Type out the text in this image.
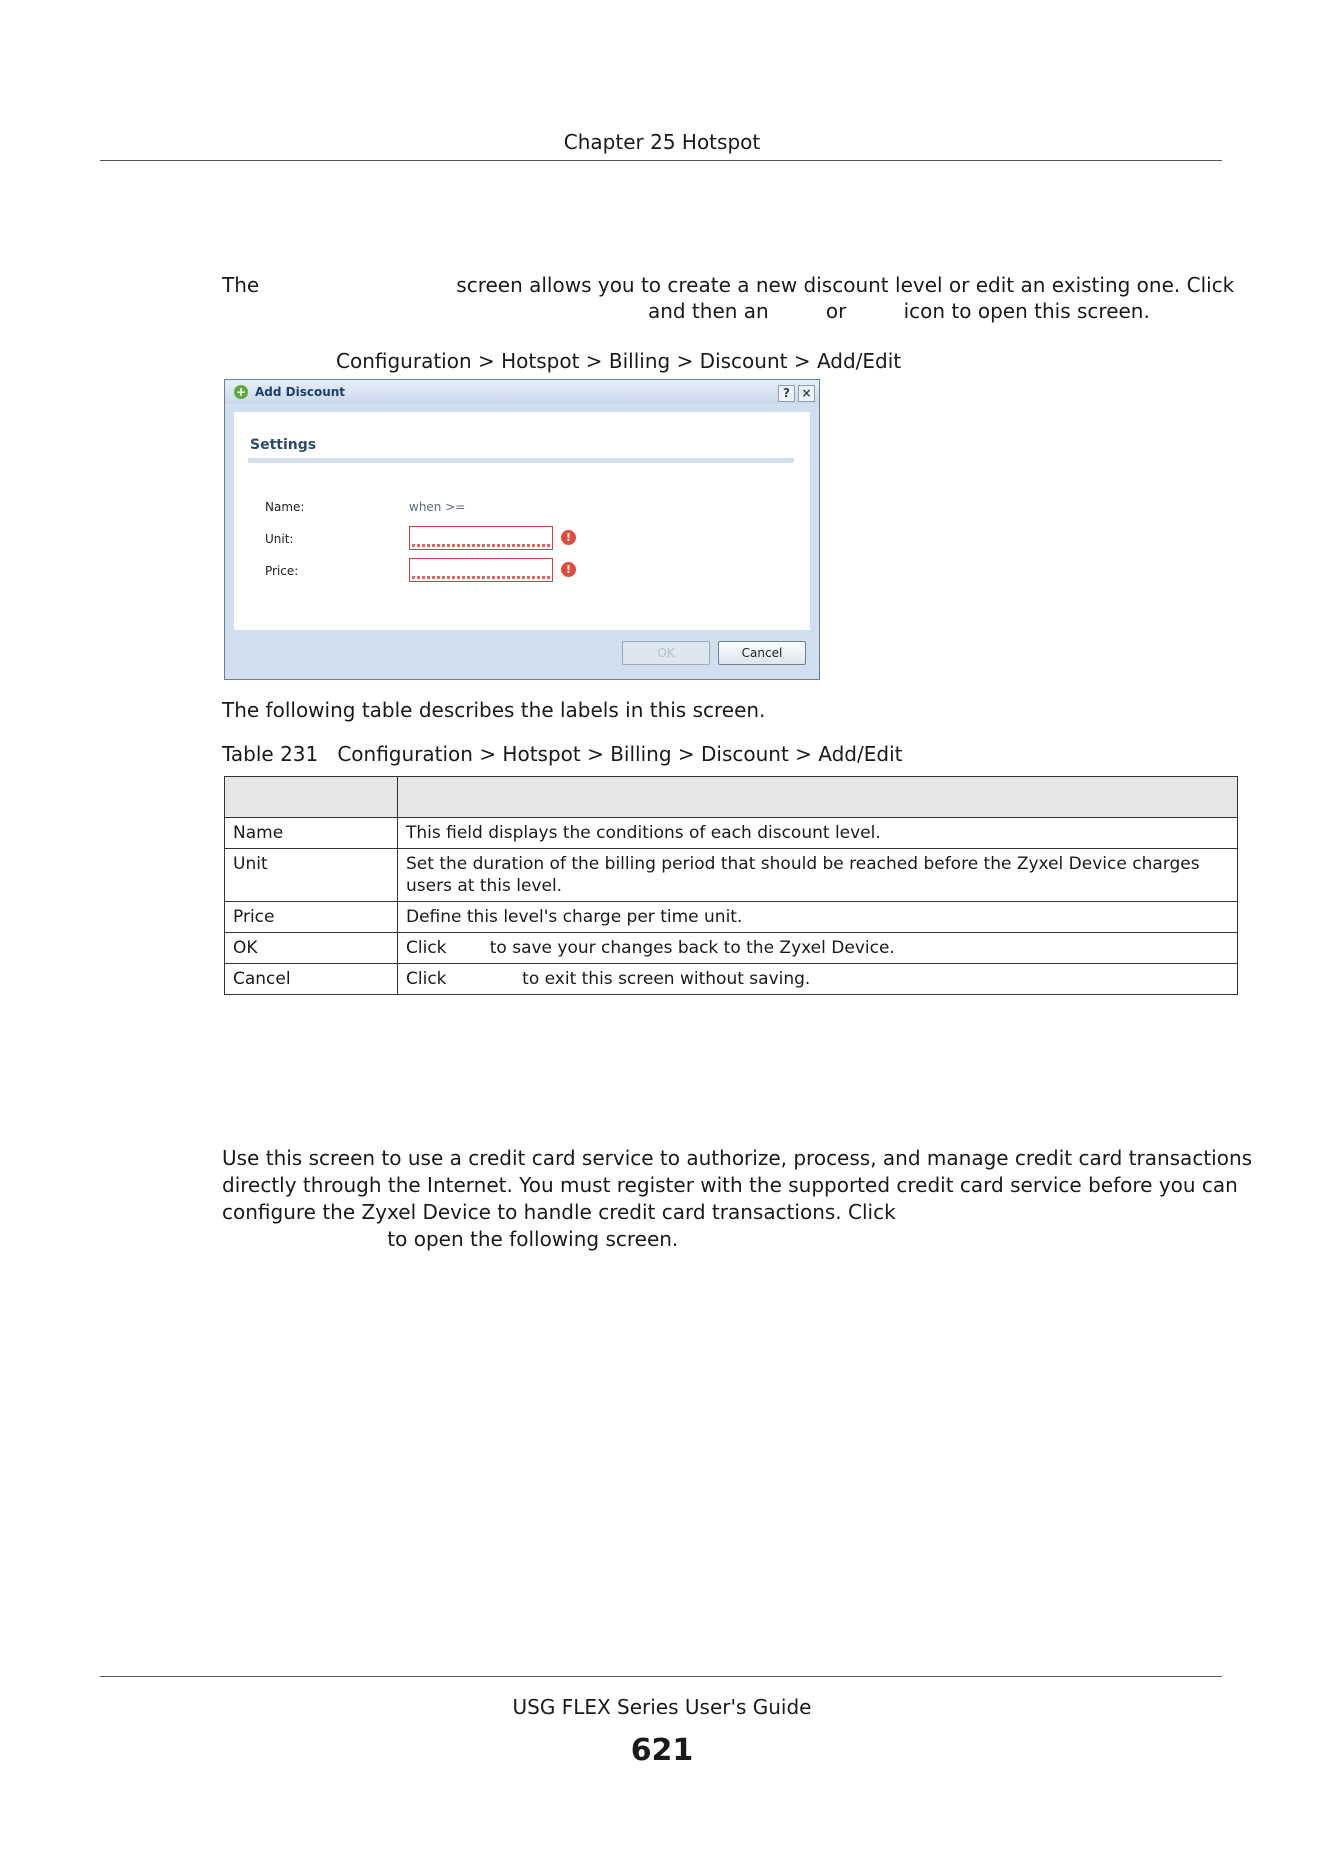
Chapter 25 Hotspot
The                               screen allows you to create a new discount level or edit an existing one. Click
and then an         or         icon to open this screen.
Configuration > Hotspot > Billing > Discount > Add/Edit
+ Add Discount	? ×
Settings
Name:	when >=
Unit:	!
Price:	!
OK	Cancel
The following table describes the labels in this screen.
Table 231   Configuration > Hotspot > Billing > Discount > Add/Edit

Name	This field displays the conditions of each discount level.
Unit	Set the duration of the billing period that should be reached before the Zyxel Device charges users at this level.
Price	Define this level's charge per time unit.
OK	Click        to save your changes back to the Zyxel Device.
Cancel	Click              to exit this screen without saving.
Use this screen to use a credit card service to authorize, process, and manage credit card transactions
directly through the Internet. You must register with the supported credit card service before you can
configure the Zyxel Device to handle credit card transactions. Click
to open the following screen.
USG FLEX Series User's Guide
621
